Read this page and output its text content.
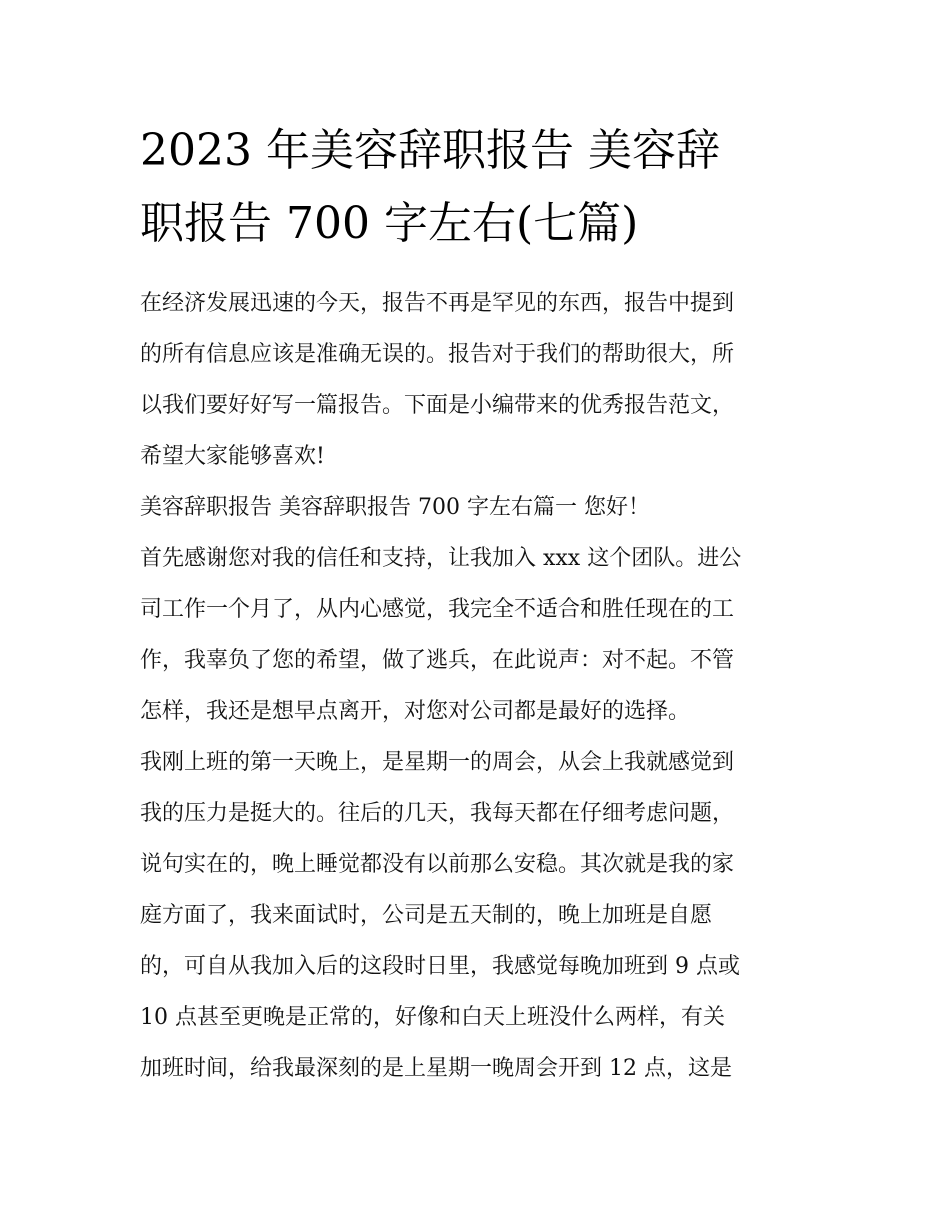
2023 年美容辞职报告 美容辞
职报告 700 字左右(七篇)
在经济发展迅速的今天，报告不再是罕见的东西，报告中提到
的所有信息应该是准确无误的。报告对于我们的帮助很大，所
以我们要好好写一篇报告。下面是小编带来的优秀报告范文，
希望大家能够喜欢!
美容辞职报告 美容辞职报告 700 字左右篇一 您好！
首先感谢您对我的信任和支持，让我加入 xxx 这个团队。进公
司工作一个月了，从内心感觉，我完全不适合和胜任现在的工
作，我辜负了您的希望，做了逃兵，在此说声：对不起。不管
怎样，我还是想早点离开，对您对公司都是最好的选择。
我刚上班的第一天晚上，是星期一的周会，从会上我就感觉到
我的压力是挺大的。往后的几天，我每天都在仔细考虑问题，
说句实在的，晚上睡觉都没有以前那么安稳。其次就是我的家
庭方面了，我来面试时，公司是五天制的，晚上加班是自愿
的，可自从我加入后的这段时日里，我感觉每晚加班到 9 点或
10 点甚至更晚是正常的，好像和白天上班没什么两样，有关
加班时间，给我最深刻的是上星期一晚周会开到 12 点，这是
